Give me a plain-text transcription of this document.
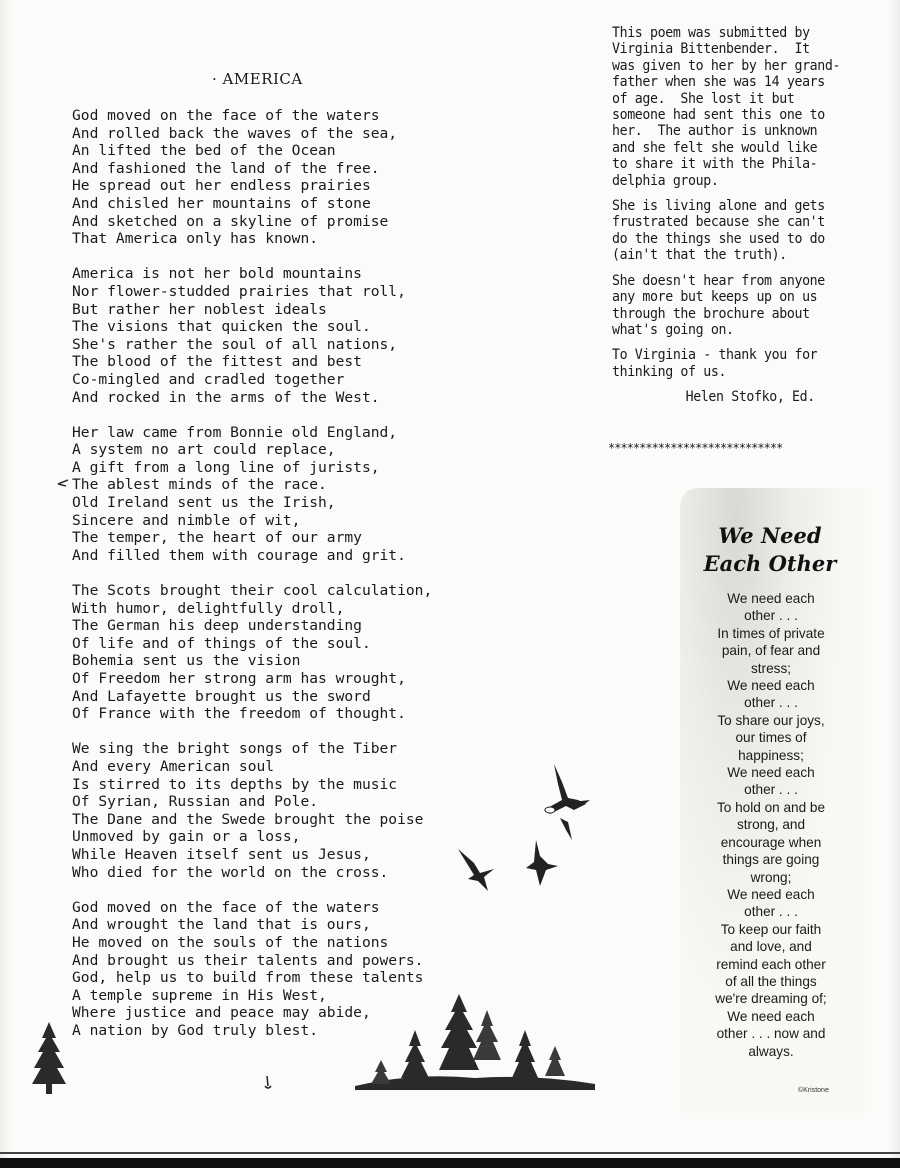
· AMERICA
God moved on the face of the waters
And rolled back the waves of the sea,
An lifted the bed of the Ocean
And fashioned the land of the free.
He spread out her endless prairies
And chisled her mountains of stone
And sketched on a skyline of promise
That America only has known.
America is not her bold mountains
Nor flower-studded prairies that roll,
But rather her noblest ideals
The visions that quicken the soul.
She's rather the soul of all nations,
The blood of the fittest and best
Co-mingled and cradled together
And rocked in the arms of the West.
Her law came from Bonnie old England,
A system no art could replace,
A gift from a long line of jurists,
The ablest minds of the race.
Old Ireland sent us the Irish,
Sincere and nimble of wit,
The temper, the heart of our army
And filled them with courage and grit.
The Scots brought their cool calculation,
With humor, delightfully droll,
The German his deep understanding
Of life and of things of the soul.
Bohemia sent us the vision
Of Freedom her strong arm has wrought,
And Lafayette brought us the sword
Of France with the freedom of thought.
We sing the bright songs of the Tiber
And every American soul
Is stirred to its depths by the music
Of Syrian, Russian and Pole.
The Dane and the Swede brought the poise
Unmoved by gain or a loss,
While Heaven itself sent us Jesus,
Who died for the world on the cross.
God moved on the face of the waters
And wrought the land that is ours,
He moved on the souls of the nations
And brought us their talents and powers.
God, help us to build from these talents
A temple supreme in His West,
Where justice and peace may abide,
A nation by God truly blest.

This poem was submitted by
Virginia Bittenbender.  It
was given to her by her grand-
father when she was 14 years
of age.  She lost it but
someone had sent this one to
her.  The author is unknown
and she felt she would like
to share it with the Phila-
delphia group.

She is living alone and gets
frustrated because she can't
do the things she used to do
(ain't that the truth).

She doesn't hear from anyone
any more but keeps up on us
through the brochure about
what's going on.

To Virginia - thank you for
thinking of us.

Helen Stofko, Ed.
****************************
We Need
Each Other
We need each
other . . .
In times of private
pain, of fear and
stress;
We need each
other . . .
To share our joys,
our times of
happiness;
We need each
other . . .
To hold on and be
strong, and
encourage when
things are going
wrong;
We need each
other . . .
To keep our faith
and love, and
remind each other
of all the things
we're dreaming of;
We need each
other . . . now and
always.
©Kristone
